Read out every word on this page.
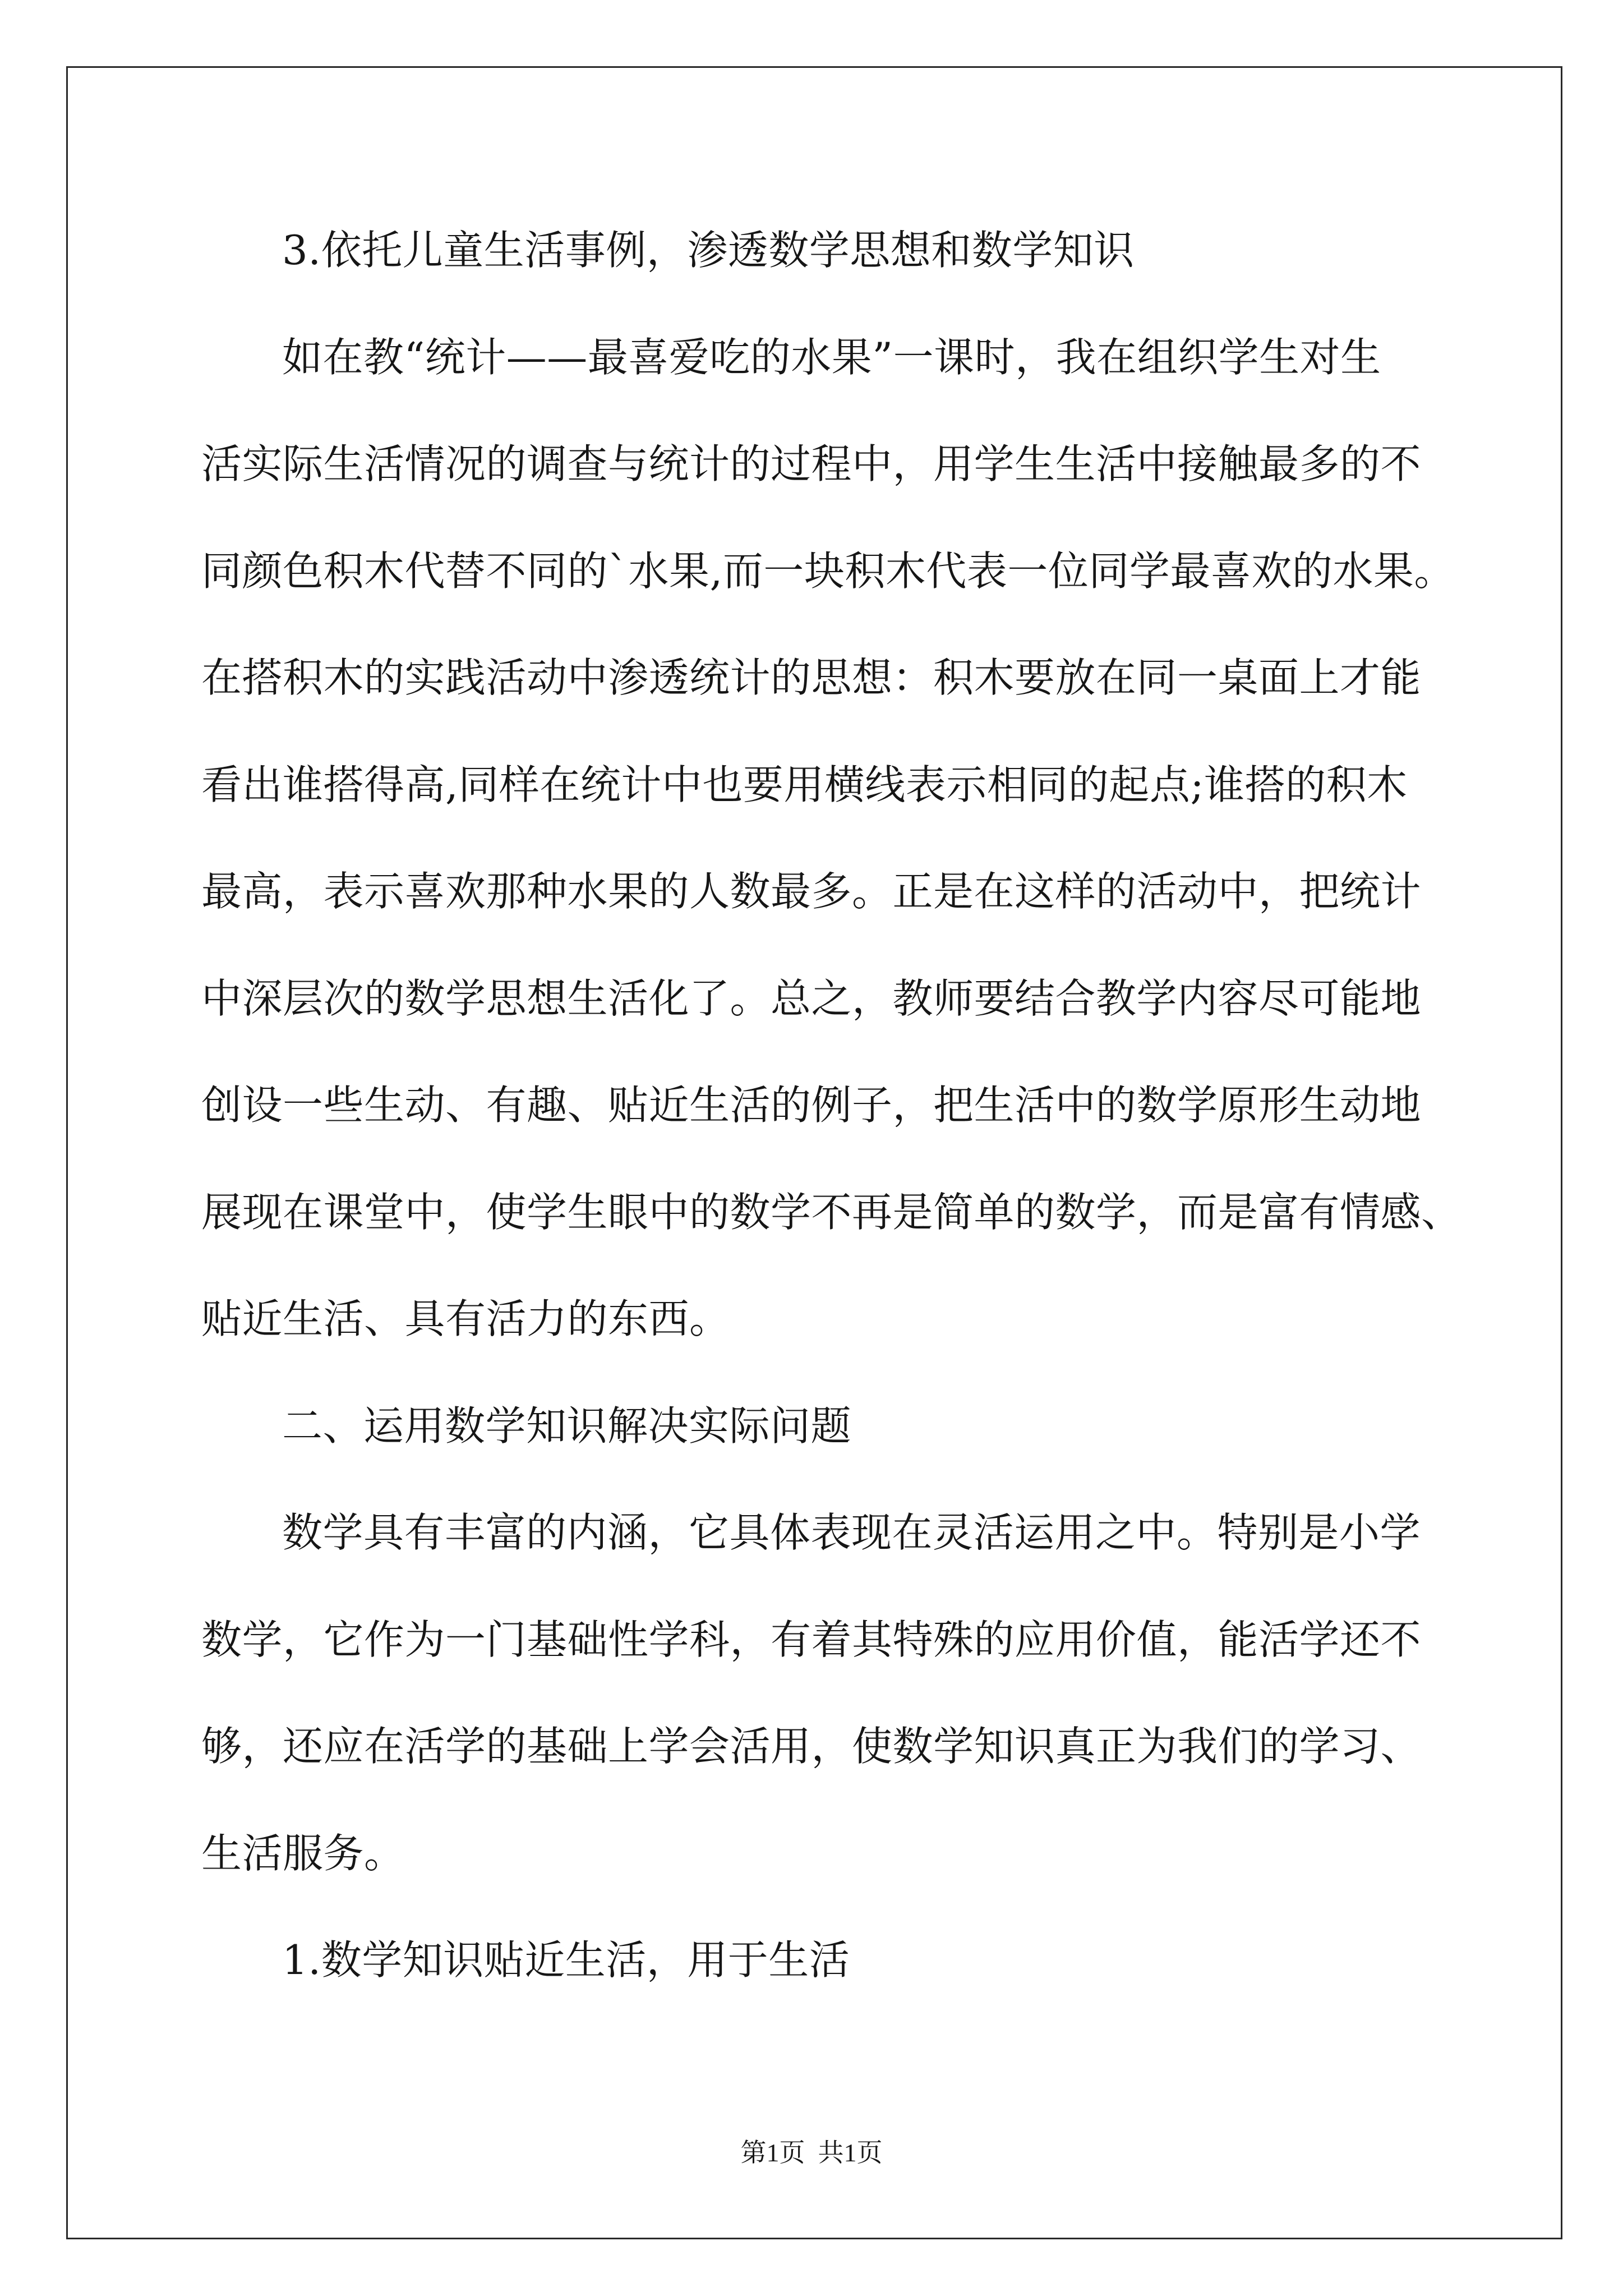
3.依托儿童生活事例，渗透数学思想和数学知识
如在教“统计——最喜爱吃的水果”一课时，我在组织学生对生
活实际生活情况的调查与统计的过程中，用学生生活中接触最多的不
同颜色积木代替不同的`水果,而一块积木代表一位同学最喜欢的水果。
在搭积木的实践活动中渗透统计的思想：积木要放在同一桌面上才能
看出谁搭得高,同样在统计中也要用横线表示相同的起点;谁搭的积木
最高，表示喜欢那种水果的人数最多。正是在这样的活动中，把统计
中深层次的数学思想生活化了。总之，教师要结合教学内容尽可能地
创设一些生动、有趣、贴近生活的例子，把生活中的数学原形生动地
展现在课堂中，使学生眼中的数学不再是简单的数学，而是富有情感、
贴近生活、具有活力的东西。
二、运用数学知识解决实际问题
数学具有丰富的内涵，它具体表现在灵活运用之中。特别是小学
数学，它作为一门基础性学科，有着其特殊的应用价值，能活学还不
够，还应在活学的基础上学会活用，使数学知识真正为我们的学习、
生活服务。
1.数学知识贴近生活，用于生活
第1页  共1页
